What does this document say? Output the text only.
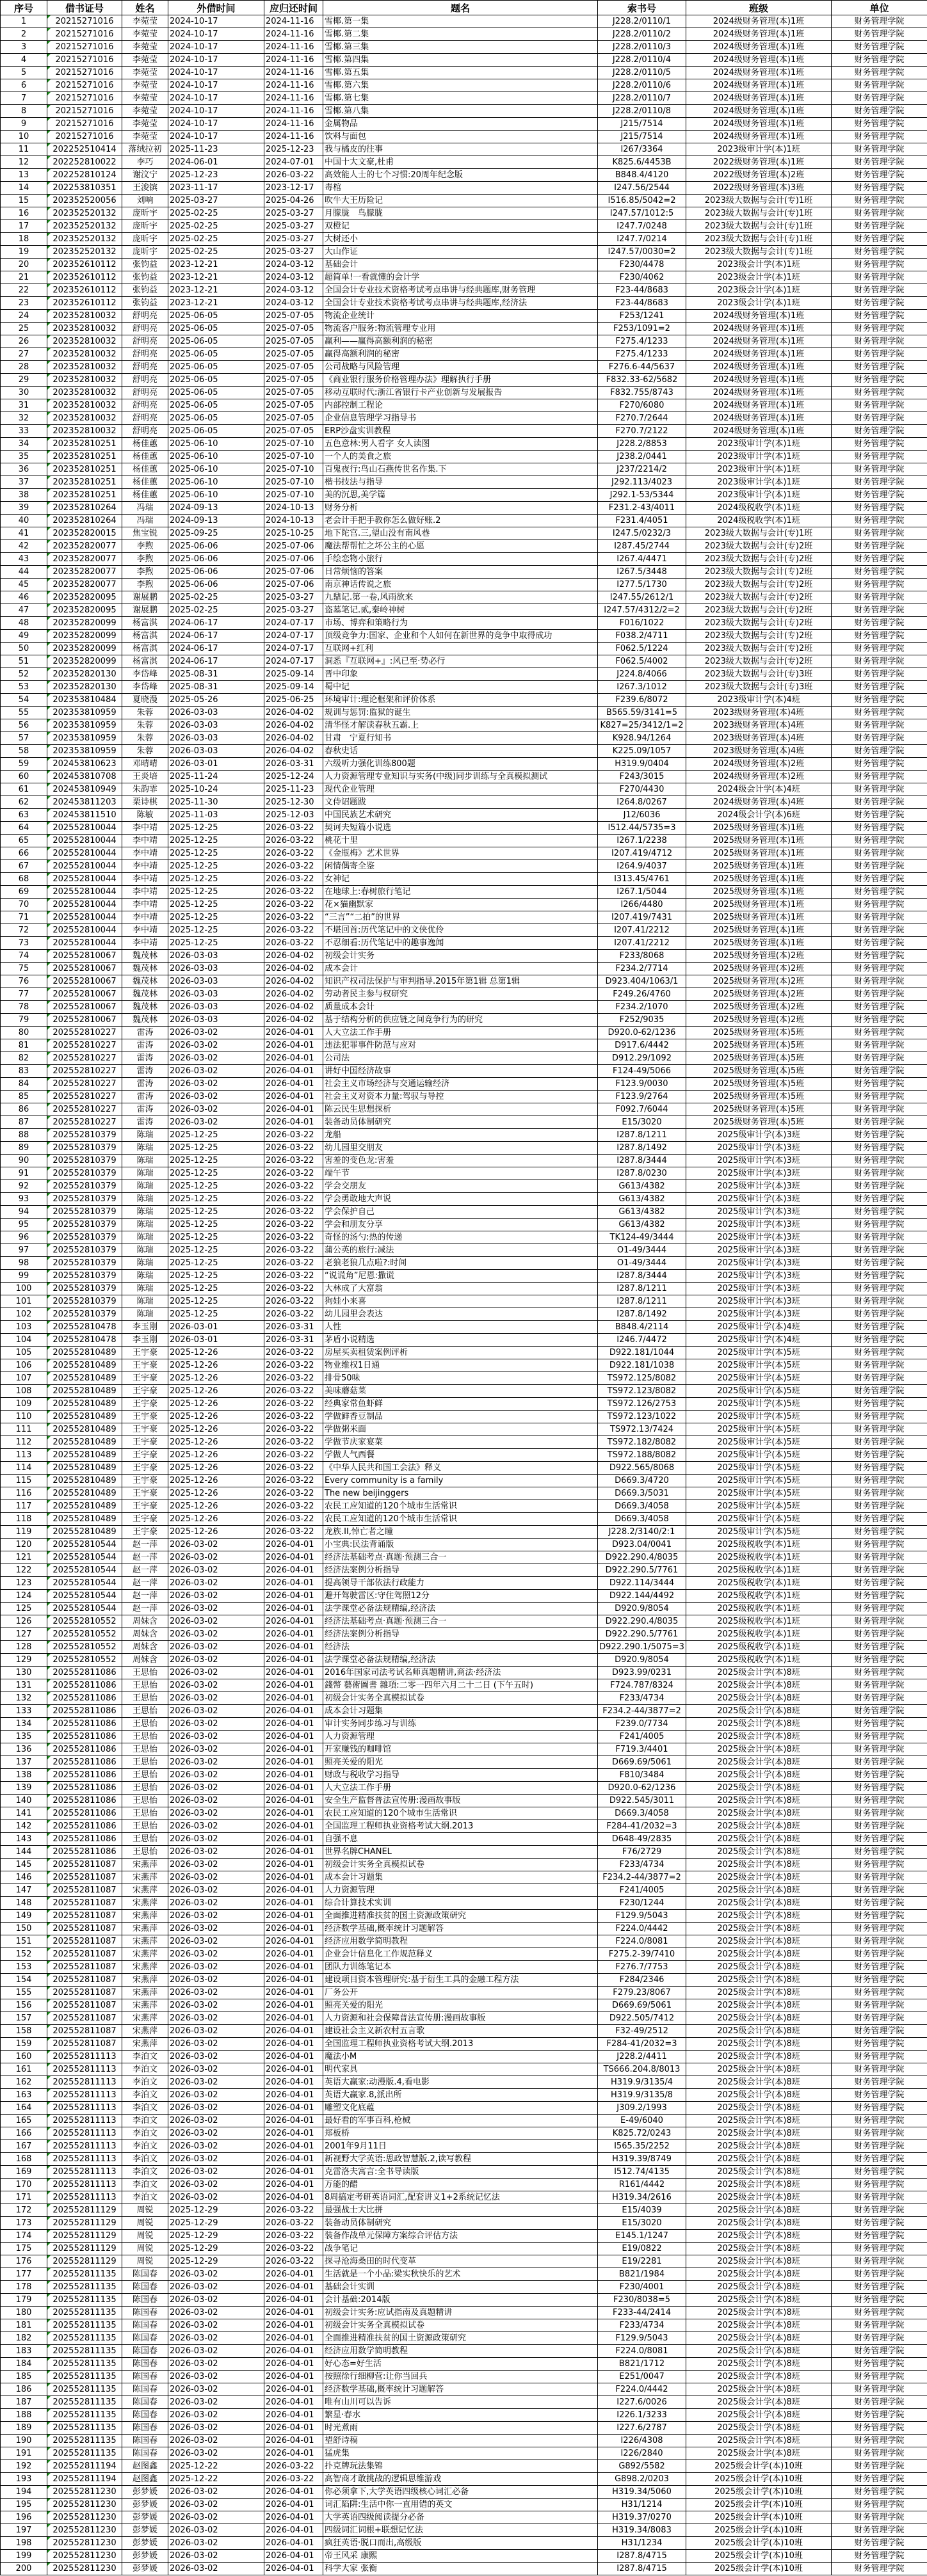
序号	借书证号	姓名	外借时间	应归还时间	题名	索书号	班级	单位
1	20215271016	李菀莹	2024-10-17	2024-11-16	雪椰.第一集	J228.2/0110/1	2024级财务管理(本)1班	财务管理学院
2	20215271016	李菀莹	2024-10-17	2024-11-16	雪椰.第二集	J228.2/0110/2	2024级财务管理(本)1班	财务管理学院
3	20215271016	李菀莹	2024-10-17	2024-11-16	雪椰.第三集	J228.2/0110/3	2024级财务管理(本)1班	财务管理学院
4	20215271016	李菀莹	2024-10-17	2024-11-16	雪椰.第四集	J228.2/0110/4	2024级财务管理(本)1班	财务管理学院
5	20215271016	李菀莹	2024-10-17	2024-11-16	雪椰.第五集	J228.2/0110/5	2024级财务管理(本)1班	财务管理学院
6	20215271016	李菀莹	2024-10-17	2024-11-16	雪椰.第六集	J228.2/0110/6	2024级财务管理(本)1班	财务管理学院
7	20215271016	李菀莹	2024-10-17	2024-11-16	雪椰.第七集	J228.2/0110/7	2024级财务管理(本)1班	财务管理学院
8	20215271016	李菀莹	2024-10-17	2024-11-16	雪椰.第八集	J228.2/0110/8	2024级财务管理(本)1班	财务管理学院
9	20215271016	李菀莹	2024-10-17	2024-11-16	金属物品	J215/7514	2024级财务管理(本)1班	财务管理学院
10	20215271016	李菀莹	2024-10-17	2024-11-16	饮料与面包	J215/7514	2024级财务管理(本)1班	财务管理学院
11	202252510414	落绒拉初	2025-11-23	2025-12-23	我与橘皮的往事	I267/3364	2023级审计学(本)1班	财务管理学院
12	202252810022	李巧	2024-06-01	2024-07-01	中国十大文豪,杜甫	K825.6/4453B	2022级财务管理(本)1班	财务管理学院
13	202252810124	谢汶宁	2025-12-23	2026-03-22	高效能人士的七个习惯:20周年纪念版	B848.4/4120	2022级财务管理(本)2班	财务管理学院
14	202253810351	王浚镔	2023-11-17	2023-12-17	毒棺	I247.56/2544	2022级财务管理(本)3班	财务管理学院
15	202352520056	刘响	2025-03-27	2025-04-26	吹牛大王历险记	I516.85/5042=2	2023级大数据与会计(专)1班	财务管理学院
16	202352520132	庞昕宇	2025-02-25	2025-03-27	月朦胧　鸟朦胧	I247.57/1012:5	2023级大数据与会计(专)1班	财务管理学院
17	202352520132	庞昕宇	2025-02-25	2025-03-27	双橙记	I247.7/0248	2023级大数据与会计(专)1班	财务管理学院
18	202352520132	庞昕宇	2025-02-25	2025-03-27	大树还小	I247.7/0214	2023级大数据与会计(专)1班	财务管理学院
19	202352520132	庞昕宇	2025-02-25	2025-03-27	大山作证	I247.57/0030=2	2023级大数据与会计(专)1班	财务管理学院
20	202352610112	张钧益	2023-12-21	2024-03-12	基础会计	F230/4478	2023级会计学(本)1班	财务管理学院
21	202352610112	张钧益	2023-12-21	2024-03-12	超简单!一看就懂的会计学	F230/4062	2023级会计学(本)1班	财务管理学院
22	202352610112	张钧益	2023-12-21	2024-03-12	全国会计专业技术资格考试考点串讲与经典题库,财务管理	F23-44/8683	2023级会计学(本)1班	财务管理学院
23	202352610112	张钧益	2023-12-21	2024-03-12	全国会计专业技术资格考试考点串讲与经典题库,经济法	F23-44/8683	2023级会计学(本)1班	财务管理学院
24	202352810032	舒明亮	2025-06-05	2025-07-05	物流企业统计	F253/1241	2024级财务管理(本)1班	财务管理学院
25	202352810032	舒明亮	2025-06-05	2025-07-05	物流客户服务:物流管理专业用	F253/1091=2	2024级财务管理(本)1班	财务管理学院
26	202352810032	舒明亮	2025-06-05	2025-07-05	赢利——赢得高额利润的秘密	F275.4/1233	2024级财务管理(本)1班	财务管理学院
27	202352810032	舒明亮	2025-06-05	2025-07-05	赢得高额利润的秘密	F275.4/1233	2024级财务管理(本)1班	财务管理学院
28	202352810032	舒明亮	2025-06-05	2025-07-05	公司战略与风险管理	F276.6-44/5637	2024级财务管理(本)1班	财务管理学院
29	202352810032	舒明亮	2025-06-05	2025-07-05	《商业银行服务价格管理办法》理解执行手册	F832.33-62/5682	2024级财务管理(本)1班	财务管理学院
30	202352810032	舒明亮	2025-06-05	2025-07-05	移动互联时代:浙江省银行卡产业创新与发展报告	F832.755/8743	2024级财务管理(本)1班	财务管理学院
31	202352810032	舒明亮	2025-06-05	2025-07-05	内部控制工程论	F270/6080	2024级财务管理(本)1班	财务管理学院
32	202352810032	舒明亮	2025-06-05	2025-07-05	企业信息管理学习指导书	F270.7/2644	2024级财务管理(本)1班	财务管理学院
33	202352810032	舒明亮	2025-06-05	2025-07-05	ERP沙盘实训教程	F270.7/2122	2024级财务管理(本)1班	财务管理学院
34	202352810251	杨佳蕙	2025-06-10	2025-07-10	五色意林:男人看字 女人读图	J228.2/8853	2023级审计学(本)1班	财务管理学院
35	202352810251	杨佳蕙	2025-06-10	2025-07-10	一个人的美食之旅	J238.2/0441	2023级审计学(本)1班	财务管理学院
36	202352810251	杨佳蕙	2025-06-10	2025-07-10	百鬼夜行:鸟山石燕传世名作集.下	J237/2214/2	2023级审计学(本)1班	财务管理学院
37	202352810251	杨佳蕙	2025-06-10	2025-07-10	楷书技法与指导	J292.113/4023	2023级审计学(本)1班	财务管理学院
38	202352810251	杨佳蕙	2025-06-10	2025-07-10	美的沉思,美学篇	J292.1-53/5344	2023级审计学(本)1班	财务管理学院
39	202352810264	冯瑞	2024-09-13	2024-10-13	财务分析	F231.2-43/4011	2024级税收学(本)1班	财务管理学院
40	202352810264	冯瑞	2024-09-13	2024-10-13	老会计手把手教你怎么做好账.2	F231.4/4051	2024级税收学(本)1班	财务管理学院
41	202352820015	焦宝锐	2025-09-25	2025-10-25	地下陀宫.三,望山没有南风巷	I247.5/0232/3	2023级大数据与会计(专)1班	财务管理学院
42	202352820077	李煦	2025-06-06	2025-07-06	魔法帮帮忙之坏公主的心愿	I287.45/2744	2023级大数据与会计(专)2班	财务管理学院
43	202352820077	李煦	2025-06-06	2025-07-06	手绘恋物小旅行	I267.4/4471	2023级大数据与会计(专)2班	财务管理学院
44	202352820077	李煦	2025-06-06	2025-07-06	日常烦恼的答案	I267.5/3448	2023级大数据与会计(专)2班	财务管理学院
45	202352820077	李煦	2025-06-06	2025-07-06	南京神话传说之旅	I277.5/1730	2023级大数据与会计(专)2班	财务管理学院
46	202352820095	谢展鹏	2025-02-25	2025-03-27	九鼎记.第一卷,风雨欲来	I247.55/2612/1	2023级大数据与会计(专)2班	财务管理学院
47	202352820095	谢展鹏	2025-02-25	2025-03-27	盗墓笔记.贰,秦岭神树	I247.57/4312/2=2	2023级大数据与会计(专)2班	财务管理学院
48	202352820099	杨富淇	2024-06-17	2024-07-17	市场、博弈和策略行为	F016/1022	2023级大数据与会计(专)2班	财务管理学院
49	202352820099	杨富淇	2024-06-17	2024-07-17	顶级竞争力:国家、企业和个人如何在新世界的竞争中取得成功	F038.2/4711	2023级大数据与会计(专)2班	财务管理学院
50	202352820099	杨富淇	2024-06-17	2024-07-17	互联网+红利	F062.5/1224	2023级大数据与会计(专)2班	财务管理学院
51	202352820099	杨富淇	2024-06-17	2024-07-17	洞悉『互联网+』:风已至·势必行	F062.5/4002	2023级大数据与会计(专)2班	财务管理学院
52	202352820130	李岱峰	2025-08-31	2025-09-14	晋中印象	J224.8/4066	2023级大数据与会计(专)3班	财务管理学院
53	202352820130	李岱峰	2025-08-31	2025-09-14	蜀中记	I267.3/1012	2023级大数据与会计(专)3班	财务管理学院
54	202353810484	夏晓漫	2025-05-26	2025-06-25	环境审计:理论框架和评价体系	F239.6/8072	2023级审计学(本)4班	财务管理学院
55	202353810959	朱蓉	2026-03-03	2026-04-02	规训与惩罚:监狱的诞生	B565.59/3141=5	2023级财务管理(本)4班	财务管理学院
56	202353810959	朱蓉	2026-03-03	2026-04-02	清华怪才解读春秋五霸.上	K827=25/3412/1=2	2023级财务管理(本)4班	财务管理学院
57	202353810959	朱蓉	2026-03-03	2026-04-02	甘肃　宁夏行知书	K928.94/1264	2023级财务管理(本)4班	财务管理学院
58	202353810959	朱蓉	2026-03-03	2026-04-02	春秋史话	K225.09/1057	2023级财务管理(本)4班	财务管理学院
59	202453810623	邓晴晴	2026-03-01	2026-03-31	六级听力强化训练800题	H319.9/0404	2024级财务管理(本)2班	财务管理学院
60	202453810708	王炎培	2025-11-24	2025-12-24	人力资源管理专业知识与实务(中级)同步训练与全真模拟测试	F243/3015	2024级财务管理(本)2班	财务管理学院
61	202453810949	朱韵霏	2025-10-24	2025-11-23	现代企业管理	F270/4430	2024级会计学(本)4班	财务管理学院
62	202453811203	栗诗棋	2025-11-30	2025-12-30	文侍诏题跋	I264.8/0267	2024级财务管理(本)4班	财务管理学院
63	202453811510	陈敏	2025-11-03	2025-12-03	中国民族艺术研究	J12/6036	2024级会计学(本)6班	财务管理学院
64	202552810044	李中靖	2025-12-25	2026-03-22	契诃夫短篇小说选	I512.44/5735=3	2025级财务管理(本)1班	财务管理学院
65	202552810044	李中靖	2025-12-25	2026-03-22	桃花十里	I267.1/2238	2025级财务管理(本)1班	财务管理学院
66	202552810044	李中靖	2025-12-25	2026-03-22	《金瓶梅》艺术世界	I207.419/4712	2025级财务管理(本)1班	财务管理学院
67	202552810044	李中靖	2025-12-25	2026-03-22	闲情偶寄全鉴	I264.9/4037	2025级财务管理(本)1班	财务管理学院
68	202552810044	李中靖	2025-12-25	2026-03-22	女神记	I313.45/4761	2025级财务管理(本)1班	财务管理学院
69	202552810044	李中靖	2025-12-25	2026-03-22	在地球上:春树旅行笔记	I267.1/5044	2025级财务管理(本)1班	财务管理学院
70	202552810044	李中靖	2025-12-25	2026-03-22	花×猫幽默家	I266/4480	2025级财务管理(本)1班	财务管理学院
71	202552810044	李中靖	2025-12-25	2026-03-22	“三言”“二拍”的世界	I207.419/7431	2025级财务管理(本)1班	财务管理学院
72	202552810044	李中靖	2025-12-25	2026-03-22	不堪回首:历代笔记中的文侠优伶	I207.41/2212	2025级财务管理(本)1班	财务管理学院
73	202552810044	李中靖	2025-12-25	2026-03-22	不忍细看:历代笔记中的趣事逸闻	I207.41/2212	2025级财务管理(本)1班	财务管理学院
74	202552810067	魏茂林	2026-03-03	2026-04-02	初级会计实务	F233/8068	2025级财务管理(本)2班	财务管理学院
75	202552810067	魏茂林	2026-03-03	2026-04-02	成本会计	F234.2/7714	2025级财务管理(本)2班	财务管理学院
76	202552810067	魏茂林	2026-03-03	2026-04-02	知识产权司法保护与审判指导.2015年第1辑 总第1辑	D923.404/1063/1	2025级财务管理(本)2班	财务管理学院
77	202552810067	魏茂林	2026-03-03	2026-04-02	劳动者民主参与权研究	F249.26/4760	2025级财务管理(本)2班	财务管理学院
78	202552810067	魏茂林	2026-03-03	2026-04-02	质量成本会计	F234.2/1070	2025级财务管理(本)2班	财务管理学院
79	202552810067	魏茂林	2026-03-03	2026-04-02	基于结构分析的供应链之间竞争行为的研究	F252/9035	2025级财务管理(本)2班	财务管理学院
80	202552810227	雷涛	2026-03-02	2026-04-01	人大立法工作手册	D920.0-62/1236	2025级财务管理(本)5班	财务管理学院
81	202552810227	雷涛	2026-03-02	2026-04-01	违法犯罪事件防范与应对	D917.6/4442	2025级财务管理(本)5班	财务管理学院
82	202552810227	雷涛	2026-03-02	2026-04-01	公司法	D912.29/1092	2025级财务管理(本)5班	财务管理学院
83	202552810227	雷涛	2026-03-02	2026-04-01	讲好中国经济故事	F124-49/5066	2025级财务管理(本)5班	财务管理学院
84	202552810227	雷涛	2026-03-02	2026-04-01	社会主义市场经济与交通运输经济	F123.9/0030	2025级财务管理(本)5班	财务管理学院
85	202552810227	雷涛	2026-03-02	2026-04-01	社会主义对资本力量:驾驭与导控	F123.9/2764	2025级财务管理(本)5班	财务管理学院
86	202552810227	雷涛	2026-03-02	2026-04-01	陈云民生思想探析	F092.7/6044	2025级财务管理(本)5班	财务管理学院
87	202552810227	雷涛	2026-03-02	2026-04-01	装备动员体制研究	E15/3020	2025级财务管理(本)5班	财务管理学院
88	202552810379	陈瑞	2025-12-25	2026-03-22	龙船	I287.8/1211	2025级审计学(本)3班	财务管理学院
89	202552810379	陈瑞	2025-12-25	2026-03-22	幼儿园里交朋友	I287.8/1492	2025级审计学(本)3班	财务管理学院
90	202552810379	陈瑞	2025-12-25	2026-03-22	害羞的变色龙:害羞	I287.8/3444	2025级审计学(本)3班	财务管理学院
91	202552810379	陈瑞	2025-12-25	2026-03-22	端午节	I287.8/0230	2025级审计学(本)3班	财务管理学院
92	202552810379	陈瑞	2025-12-25	2026-03-22	学会交朋友	G613/4382	2025级审计学(本)3班	财务管理学院
93	202552810379	陈瑞	2025-12-25	2026-03-22	学会勇敢地大声说	G613/4382	2025级审计学(本)3班	财务管理学院
94	202552810379	陈瑞	2025-12-25	2026-03-22	学会保护自己	G613/4382	2025级审计学(本)3班	财务管理学院
95	202552810379	陈瑞	2025-12-25	2026-03-22	学会和朋友分享	G613/4382	2025级审计学(本)3班	财务管理学院
96	202552810379	陈瑞	2025-12-25	2026-03-22	奇怪的汤勺:热的传递	TK124-49/3444	2025级审计学(本)3班	财务管理学院
97	202552810379	陈瑞	2025-12-25	2026-03-22	蒲公英的旅行:减法	O1-49/3444	2025级审计学(本)3班	财务管理学院
98	202552810379	陈瑞	2025-12-25	2026-03-22	老狼老狼几点啦?:时间	O1-49/3444	2025级审计学(本)3班	财务管理学院
99	202552810379	陈瑞	2025-12-25	2026-03-22	“说谎角”尼恩:撒谎	I287.8/3444	2025级审计学(本)3班	财务管理学院
100	202552810379	陈瑞	2025-12-25	2026-03-22	大林成了大富翁	I287.8/1211	2025级审计学(本)3班	财务管理学院
101	202552810379	陈瑞	2025-12-25	2026-03-22	狗娃小来喜	I287.8/1211	2025级审计学(本)3班	财务管理学院
102	202552810379	陈瑞	2025-12-25	2026-03-22	幼儿园里会表达	I287.8/1492	2025级审计学(本)3班	财务管理学院
103	202552810478	李玉刚	2026-03-01	2026-03-31	人性	B848.4/2114	2025级审计学(本)4班	财务管理学院
104	202552810478	李玉刚	2026-03-01	2026-03-31	茅盾小说精选	I246.7/4472	2025级审计学(本)4班	财务管理学院
105	202552810489	王宇豪	2025-12-26	2026-03-22	房屋买卖租赁案例评析	D922.181/1044	2025级审计学(本)5班	财务管理学院
106	202552810489	王宇豪	2025-12-26	2026-03-22	物业维权1日通	D922.181/1038	2025级审计学(本)5班	财务管理学院
107	202552810489	王宇豪	2025-12-26	2026-03-22	排骨50味	TS972.125/8082	2025级审计学(本)5班	财务管理学院
108	202552810489	王宇豪	2025-12-26	2026-03-22	美味蘑菇菜	TS972.123/8082	2025级审计学(本)5班	财务管理学院
109	202552810489	王宇豪	2025-12-26	2026-03-22	经典家常鱼虾鲜	TS972.126/2753	2025级审计学(本)5班	财务管理学院
110	202552810489	王宇豪	2025-12-26	2026-03-22	学做鲜香豆制品	TS972.123/1022	2025级审计学(本)5班	财务管理学院
111	202552810489	王宇豪	2025-12-26	2026-03-22	学做粥米面	TS972.13/7424	2025级审计学(本)5班	财务管理学院
112	202552810489	王宇豪	2025-12-26	2026-03-22	学做节庆家宴菜	TS972.182/8082	2025级审计学(本)5班	财务管理学院
113	202552810489	王宇豪	2025-12-26	2026-03-22	学做人气西餐	TS972.188/8082	2025级审计学(本)5班	财务管理学院
114	202552810489	王宇豪	2025-12-26	2026-03-22	《中华人民共和国工会法》释义	D922.565/8068	2025级审计学(本)5班	财务管理学院
115	202552810489	王宇豪	2025-12-26	2026-03-22	Every community is a family	D669.3/4720	2025级审计学(本)5班	财务管理学院
116	202552810489	王宇豪	2025-12-26	2026-03-22	The new beijinggers	D669.3/5031	2025级审计学(本)5班	财务管理学院
117	202552810489	王宇豪	2025-12-26	2026-03-22	农民工应知道的120个城市生活常识	D669.3/4058	2025级审计学(本)5班	财务管理学院
118	202552810489	王宇豪	2025-12-26	2026-03-22	农民工应知道的120个城市生活常识	D669.3/4058	2025级审计学(本)5班	财务管理学院
119	202552810489	王宇豪	2025-12-26	2026-03-22	龙族.II,悼亡者之瞳	J228.2/3140/2:1	2025级审计学(本)5班	财务管理学院
120	202552810544	赵一萍	2026-03-02	2026-04-01	小宝典:民法背诵版	D923.04/0041	2025级税收学(本)1班	财务管理学院
121	202552810544	赵一萍	2026-03-02	2026-04-01	经济法基础考点·真题·预测三合一	D922.290.4/8035	2025级税收学(本)1班	财务管理学院
122	202552810544	赵一萍	2026-03-02	2026-04-01	经济法案例分析指导	D922.290.5/7761	2025级税收学(本)1班	财务管理学院
123	202552810544	赵一萍	2026-03-02	2026-04-01	提高领导干部依法行政能力	D922.114/3444	2025级税收学(本)1班	财务管理学院
124	202552810544	赵一萍	2026-03-02	2026-04-01	避开驾驶雷区:守住驾照12分	D922.144/4492	2025级税收学(本)1班	财务管理学院
125	202552810544	赵一萍	2026-03-02	2026-04-01	法学课堂必备法规精编,经济法	D920.9/8054	2025级税收学(本)1班	财务管理学院
126	202552810552	周妹含	2026-03-02	2026-04-01	经济法基础考点·真题·预测三合一	D922.290.4/8035	2025级税收学(本)1班	财务管理学院
127	202552810552	周妹含	2026-03-02	2026-04-01	经济法案例分析指导	D922.290.5/7761	2025级税收学(本)1班	财务管理学院
128	202552810552	周妹含	2026-03-02	2026-04-01	经济法	D922.290.1/5075=3	2025级税收学(本)1班	财务管理学院
129	202552810552	周妹含	2026-03-02	2026-04-01	法学课堂必备法规精编,经济法	D920.9/8054	2025级税收学(本)1班	财务管理学院
130	202552811086	王思怡	2026-03-02	2026-04-01	2016年国家司法考试名师真题精讲,商法·经济法	D923.99/0231	2025级会计学(本)8班	财务管理学院
131	202552811086	王思怡	2026-03-02	2026-04-01	錢幣 藝術圖書 雜項:二零一四年六月二十二日 (下午五时)	F724.787/8324	2025级会计学(本)8班	财务管理学院
132	202552811086	王思怡	2026-03-02	2026-04-01	初级会计实务全真模拟试卷	F233/4734	2025级会计学(本)8班	财务管理学院
133	202552811086	王思怡	2026-03-02	2026-04-01	成本会计习题集	F234.2-44/3877=2	2025级会计学(本)8班	财务管理学院
134	202552811086	王思怡	2026-03-02	2026-04-01	审计实务同步练习与训练	F239.0/7734	2025级会计学(本)8班	财务管理学院
135	202552811086	王思怡	2026-03-02	2026-04-01	人力资源管理	F241/4005	2025级会计学(本)8班	财务管理学院
136	202552811086	王思怡	2026-03-02	2026-04-01	开家赚钱的咖啡馆	F719.3/4401	2025级会计学(本)8班	财务管理学院
137	202552811086	王思怡	2026-03-02	2026-04-01	照亮关爱的阳光	D669.69/5061	2025级会计学(本)8班	财务管理学院
138	202552811086	王思怡	2026-03-02	2026-04-01	财政与税收学习指导	F810/3484	2025级会计学(本)8班	财务管理学院
139	202552811086	王思怡	2026-03-02	2026-04-01	人大立法工作手册	D920.0-62/1236	2025级会计学(本)8班	财务管理学院
140	202552811086	王思怡	2026-03-02	2026-04-01	安全生产监督普法宣传册:漫画故事版	D922.545/3011	2025级会计学(本)8班	财务管理学院
141	202552811086	王思怡	2026-03-02	2026-04-01	农民工应知道的120个城市生活常识	D669.3/4058	2025级会计学(本)8班	财务管理学院
142	202552811086	王思怡	2026-03-02	2026-04-01	全国监理工程师执业资格考试大纲.2013	F284-41/2032=3	2025级会计学(本)8班	财务管理学院
143	202552811086	王思怡	2026-03-02	2026-04-01	自强不息	D648-49/2835	2025级会计学(本)8班	财务管理学院
144	202552811086	王思怡	2026-03-02	2026-04-01	世界名牌CHANEL	F76/2729	2025级会计学(本)8班	财务管理学院
145	202552811087	宋燕萍	2026-03-02	2026-04-01	初级会计实务全真模拟试卷	F233/4734	2025级会计学(本)8班	财务管理学院
146	202552811087	宋燕萍	2026-03-02	2026-04-01	成本会计习题集	F234.2-44/3877=2	2025级会计学(本)8班	财务管理学院
147	202552811087	宋燕萍	2026-03-02	2026-04-01	人力资源管理	F241/4005	2025级会计学(本)8班	财务管理学院
148	202552811087	宋燕萍	2026-03-02	2026-04-01	综合计算技术实训	F230/1244	2025级会计学(本)8班	财务管理学院
149	202552811087	宋燕萍	2026-03-02	2026-04-01	全面推进精准扶贫的国土资源政策研究	F129.9/5043	2025级会计学(本)8班	财务管理学院
150	202552811087	宋燕萍	2026-03-02	2026-04-01	经济数学基础,概率统计习题解答	F224.0/4442	2025级会计学(本)8班	财务管理学院
151	202552811087	宋燕萍	2026-03-02	2026-04-01	经济应用数学简明教程	F224.0/8081	2025级会计学(本)8班	财务管理学院
152	202552811087	宋燕萍	2026-03-02	2026-04-01	企业会计信息化工作规范释义	F275.2-39/7410	2025级会计学(本)8班	财务管理学院
153	202552811087	宋燕萍	2026-03-02	2026-04-01	团队力训练笔记本	F276.7/7753	2025级会计学(本)8班	财务管理学院
154	202552811087	宋燕萍	2026-03-02	2026-04-01	建设项目资本管理研究:基于衍生工具的金融工程方法	F284/2346	2025级会计学(本)8班	财务管理学院
155	202552811087	宋燕萍	2026-03-02	2026-04-01	厂务公开	F279.23/8067	2025级会计学(本)8班	财务管理学院
156	202552811087	宋燕萍	2026-03-02	2026-04-01	照亮关爱的阳光	D669.69/5061	2025级会计学(本)8班	财务管理学院
157	202552811087	宋燕萍	2026-03-02	2026-04-01	人力资源和社会保障普法宣传册:漫画故事版	D922.505/7412	2025级会计学(本)8班	财务管理学院
158	202552811087	宋燕萍	2026-03-02	2026-04-01	建设社会主义新农村五言歌	F32-49/2512	2025级会计学(本)8班	财务管理学院
159	202552811087	宋燕萍	2026-03-02	2026-04-01	全国监理工程师执业资格考试大纲.2013	F284-41/2032=3	2025级会计学(本)8班	财务管理学院
160	202552811113	李泊文	2026-03-02	2026-04-01	魔法小M	J228.2/4411	2025级会计学(本)8班	财务管理学院
161	202552811113	李泊文	2026-03-02	2026-04-01	明代家具	TS666.204.8/8013	2025级会计学(本)8班	财务管理学院
162	202552811113	李泊文	2026-03-02	2026-04-01	英语大赢家:动漫版.4,看电影	H319.9/3135/4	2025级会计学(本)8班	财务管理学院
163	202552811113	李泊文	2026-03-02	2026-04-01	英语大赢家.8,派出所	H319.9/3135/8	2025级会计学(本)8班	财务管理学院
164	202552811113	李泊文	2026-03-02	2026-04-01	雕塑文化底蕴	J309.2/1993	2025级会计学(本)8班	财务管理学院
165	202552811113	李泊文	2026-03-02	2026-04-01	最好看的军事百科,枪械	E-49/6040	2025级会计学(本)8班	财务管理学院
166	202552811113	李泊文	2026-03-02	2026-04-01	郑板桥	K825.72/0243	2025级会计学(本)8班	财务管理学院
167	202552811113	李泊文	2026-03-02	2026-04-01	2001年9月11日	I565.35/2252	2025级会计学(本)8班	财务管理学院
168	202552811113	李泊文	2026-03-02	2026-04-01	新视野大学英语:思政智慧版.2,读写教程	H319.39/8749	2025级会计学(本)8班	财务管理学院
169	202552811113	李泊文	2026-03-02	2026-04-01	克雷洛夫寓言:全书导读版	I512.74/4135	2025级会计学(本)8班	财务管理学院
170	202552811113	李泊文	2026-03-02	2026-04-01	万能的醋	R161/4442	2025级会计学(本)8班	财务管理学院
171	202552811113	李泊文	2026-03-02	2026-04-01	8周搞定考研英语词汇,配套讲义1+2系统记忆法	H319.34/2616	2025级会计学(本)8班	财务管理学院
172	202552811129	周锐	2025-12-29	2026-03-22	最强战士大比拼	E15/4039	2025级会计学(本)8班	财务管理学院
173	202552811129	周锐	2025-12-29	2026-03-22	装备动员体制研究	E15/3020	2025级会计学(本)8班	财务管理学院
174	202552811129	周锐	2025-12-29	2026-03-22	装备作战单元保障方案综合评估方法	E145.1/1247	2025级会计学(本)8班	财务管理学院
175	202552811129	周锐	2025-12-29	2026-03-22	战争笔记	E19/0822	2025级会计学(本)8班	财务管理学院
176	202552811129	周锐	2025-12-29	2026-03-22	探寻沧海桑田的时代变革	E19/2281	2025级会计学(本)8班	财务管理学院
177	202552811135	陈国春	2026-03-02	2026-04-01	生活就是一个小品:梁实秋快乐的艺术	B821/1984	2025级会计学(本)8班	财务管理学院
178	202552811135	陈国春	2026-03-02	2026-04-01	基础会计实训	F230/4001	2025级会计学(本)8班	财务管理学院
179	202552811135	陈国春	2026-03-02	2026-04-01	会计基础:2014版	F230/8038=5	2025级会计学(本)8班	财务管理学院
180	202552811135	陈国春	2026-03-02	2026-04-01	初级会计实务:应试指南及真题精讲	F233-44/2414	2025级会计学(本)8班	财务管理学院
181	202552811135	陈国春	2026-03-02	2026-04-01	初级会计实务全真模拟试卷	F233/4734	2025级会计学(本)8班	财务管理学院
182	202552811135	陈国春	2026-03-02	2026-04-01	全面推进精准扶贫的国土资源政策研究	F129.9/5043	2025级会计学(本)8班	财务管理学院
183	202552811135	陈国春	2026-03-02	2026-04-01	经济应用数学简明教程	F224.0/8081	2025级会计学(本)8班	财务管理学院
184	202552811135	陈国春	2026-03-02	2026-04-01	好心态=好生活	B821/1712	2025级会计学(本)8班	财务管理学院
185	202552811135	陈国春	2026-03-02	2026-04-01	按照徐行细柳营:让你当回兵	E251/0047	2025级会计学(本)8班	财务管理学院
186	202552811135	陈国春	2026-03-02	2026-04-01	经济数学基础,概率统计习题解答	F224.0/4442	2025级会计学(本)8班	财务管理学院
187	202552811135	陈国春	2026-03-02	2026-04-01	唯有山川可以告诉	I227.6/0026	2025级会计学(本)8班	财务管理学院
188	202552811135	陈国春	2026-03-02	2026-04-01	繁星·春水	I226.1/3233	2025级会计学(本)8班	财务管理学院
189	202552811135	陈国春	2026-03-02	2026-04-01	时光煮雨	I227.6/2787	2025级会计学(本)8班	财务管理学院
190	202552811135	陈国春	2026-03-02	2026-04-01	望舒诗稿	I226/4308	2025级会计学(本)8班	财务管理学院
191	202552811135	陈国春	2026-03-02	2026-04-01	猛虎集	I226/2840	2025级会计学(本)8班	财务管理学院
192	202552811194	赵图鑫	2025-12-22	2026-03-22	扑克牌玩法集锦	G892/5582	2025级会计学(本)10班	财务管理学院
193	202552811194	赵图鑫	2025-12-22	2026-03-22	高智商才敢挑战的逻辑思维游戏	G898.2/0203	2025级会计学(本)10班	财务管理学院
194	202552811230	彭梦媛	2026-03-02	2026-04-01	你必须拿下,大学英语四级核心词汇必备	H319.34/5060	2025级会计学(本)10班	财务管理学院
195	202552811230	彭梦媛	2026-03-02	2026-04-01	词汇陷阱:生活中你一直用错的英文	H31/1214	2025级会计学(本)10班	财务管理学院
196	202552811230	彭梦媛	2026-03-02	2026-04-01	大学英语四级阅读提分必备	H319.37/0270	2025级会计学(本)10班	财务管理学院
197	202552811230	彭梦媛	2026-03-02	2026-04-01	四级词汇词根+联想记忆法	H319.34/8083	2025级会计学(本)10班	财务管理学院
198	202552811230	彭梦媛	2026-03-02	2026-04-01	疯狂英语·脱口而出,高级版	H31/1234	2025级会计学(本)10班	财务管理学院
199	202552811230	彭梦媛	2026-03-02	2026-04-01	帝王风采 康熙	I287.8/4715	2025级会计学(本)10班	财务管理学院
200	202552811230	彭梦媛	2026-03-02	2026-04-01	科学大家 张衡	I287.8/4715	2025级会计学(本)10班	财务管理学院
